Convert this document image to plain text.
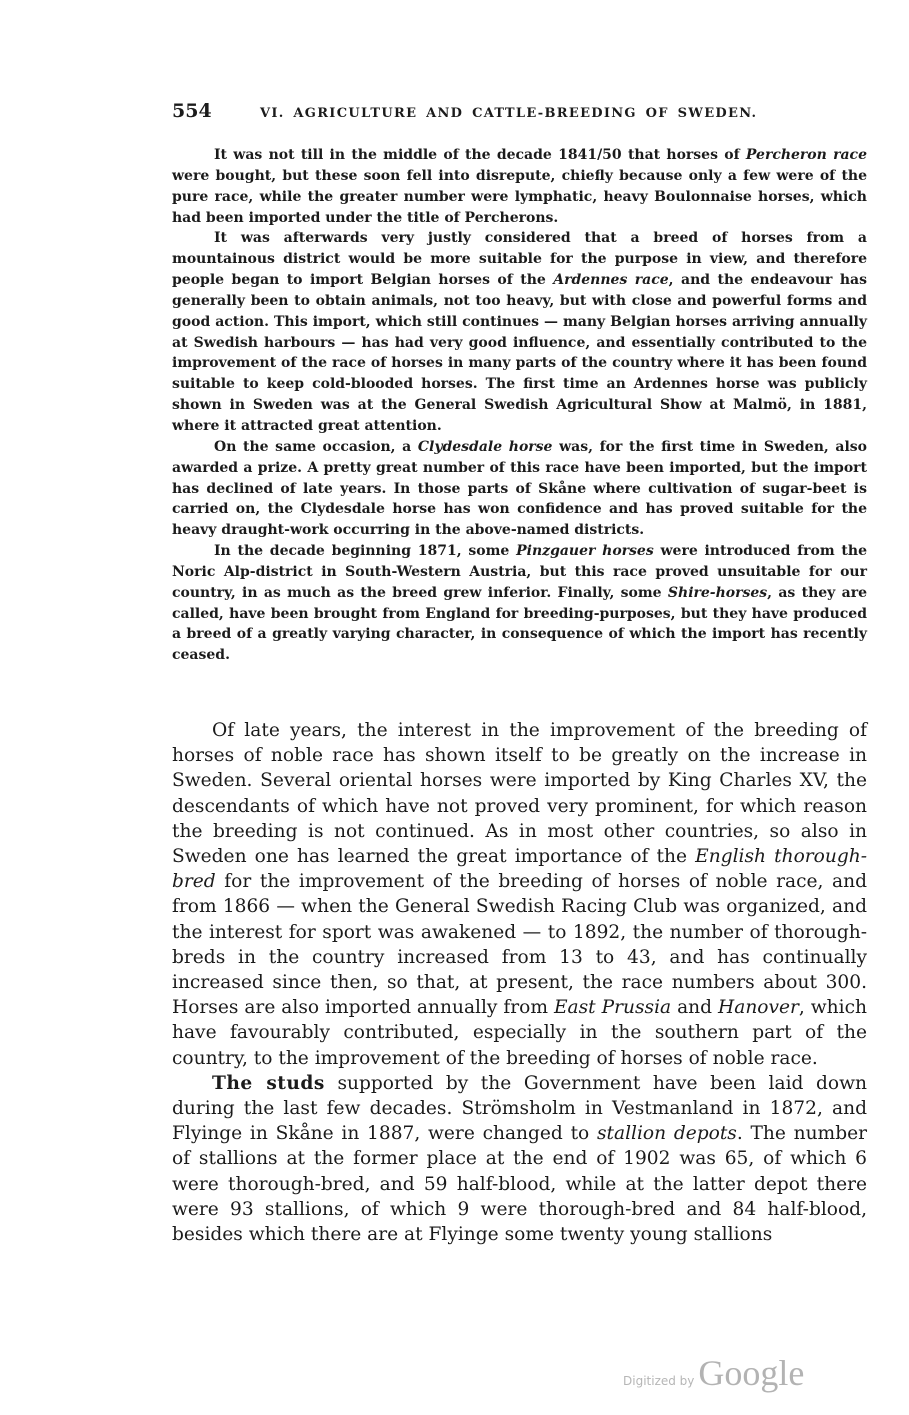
554	VI. AGRICULTURE AND CATTLE-BREEDING OF SWEDEN.

It was not till in the middle of the decade 1841/50 that horses of Percheron race were bought, but these soon fell into disrepute, chiefly because only a few were of the pure race, while the greater number were lymphatic, heavy Boulonnaise horses, which had been imported under the title of Percherons.

It was afterwards very justly considered that a breed of horses from a mountainous district would be more suitable for the purpose in view, and therefore people began to import Belgian horses of the Ardennes race, and the endeavour has generally been to obtain animals, not too heavy, but with close and powerful forms and good action. This import, which still continues — many Belgian horses arriving annually at Swedish harbours — has had very good influence, and essentially contributed to the improvement of the race of horses in many parts of the country where it has been found suitable to keep cold-blooded horses. The first time an Ardennes horse was publicly shown in Sweden was at the General Swedish Agricultural Show at Malmö, in 1881, where it attracted great attention.

On the same occasion, a Clydesdale horse was, for the first time in Sweden, also awarded a prize. A pretty great number of this race have been imported, but the import has declined of late years. In those parts of Skåne where cultivation of sugar-beet is carried on, the Clydesdale horse has won confidence and has proved suitable for the heavy draught-work occurring in the above-named districts.

In the decade beginning 1871, some Pinzgauer horses were introduced from the Noric Alp-district in South-Western Austria, but this race proved unsuitable for our country, in as much as the breed grew inferior. Finally, some Shire-horses, as they are called, have been brought from England for breeding-purposes, but they have produced a breed of a greatly varying character, in consequence of which the import has recently ceased.

Of late years, the interest in the improvement of the breeding of horses of noble race has shown itself to be greatly on the increase in Sweden. Several oriental horses were imported by King Charles XV, the descendants of which have not proved very prominent, for which reason the breeding is not continued. As in most other countries, so also in Sweden one has learned the great importance of the English thorough-bred for the improvement of the breeding of horses of noble race, and from 1866 — when the General Swedish Racing Club was organized, and the interest for sport was awakened — to 1892, the number of thorough-breds in the country increased from 13 to 43, and has continually increased since then, so that, at present, the race numbers about 300. Horses are also imported annually from East Prussia and Hanover, which have favourably contributed, especially in the southern part of the country, to the improvement of the breeding of horses of noble race.

The studs supported by the Government have been laid down during the last few decades. Strömsholm in Vestmanland in 1872, and Flyinge in Skåne in 1887, were changed to stallion depots. The number of stallions at the former place at the end of 1902 was 65, of which 6 were thorough-bred, and 59 half-blood, while at the latter depot there were 93 stallions, of which 9 were thorough-bred and 84 half-blood, besides which there are at Flyinge some twenty young stallions

Digitized by Google
